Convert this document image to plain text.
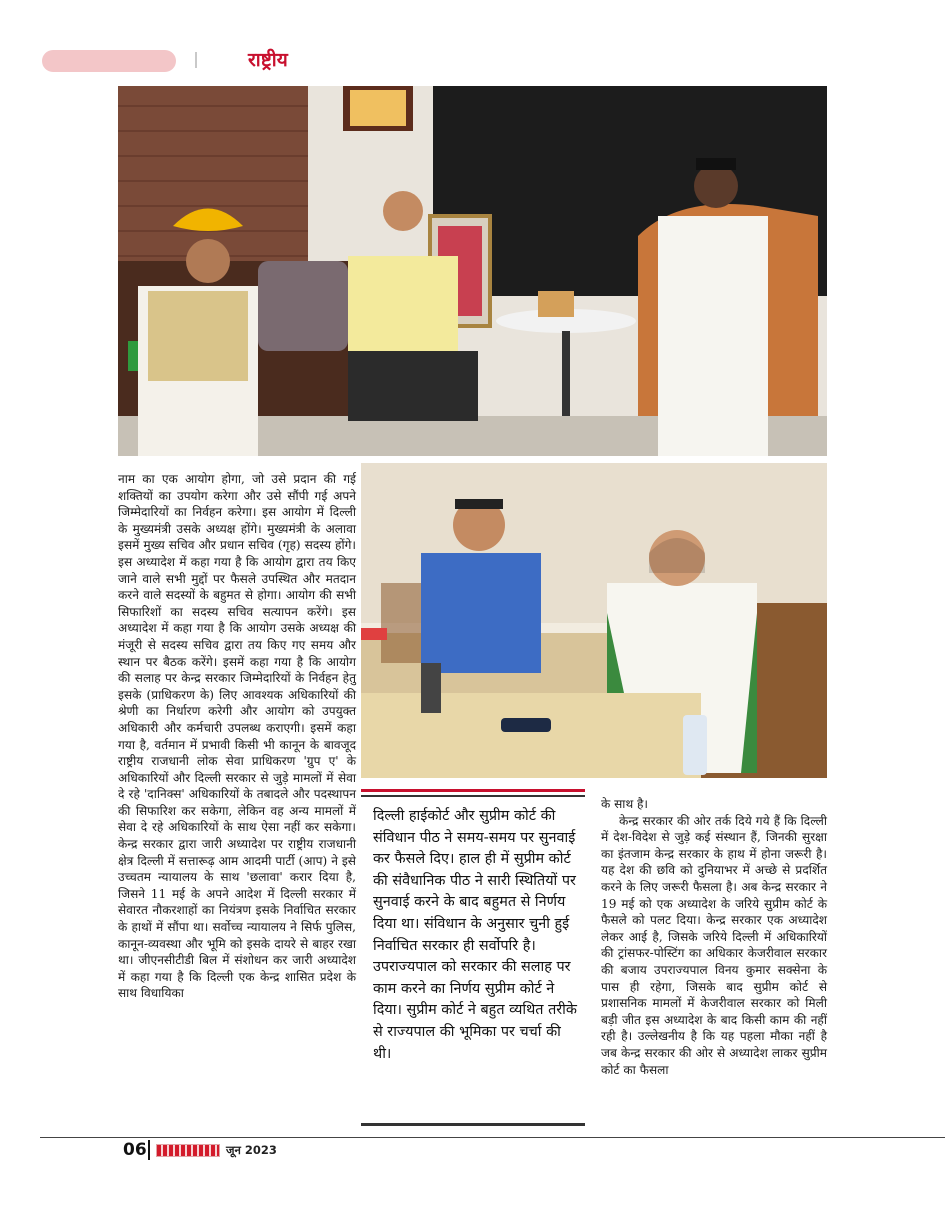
राष्ट्रीय

नाम का एक आयोग होगा, जो उसे प्रदान की गई शक्तियों का उपयोग करेगा और उसे सौंपी गई अपने जिम्मेदारियों का निर्वहन करेगा। इस आयोग में दिल्ली के मुख्यमंत्री उसके अध्यक्ष होंगे। मुख्यमंत्री के अलावा इसमें मुख्य सचिव और प्रधान सचिव (गृह) सदस्य होंगे। इस अध्यादेश में कहा गया है कि आयोग द्वारा तय किए जाने वाले सभी मुद्दों पर फैसले उपस्थित और मतदान करने वाले सदस्यों के बहुमत से होगा। आयोग की सभी सिफारिशों का सदस्य सचिव सत्यापन करेंगे। इस अध्यादेश में कहा गया है कि आयोग उसके अध्यक्ष की मंजूरी से सदस्य सचिव द्वारा तय किए गए समय और स्थान पर बैठक करेंगे। इसमें कहा गया है कि आयोग की सलाह पर केन्द्र सरकार जिम्मेदारियों के निर्वहन हेतु इसके (प्राधिकरण के) लिए आवश्यक अधिकारियों की श्रेणी का निर्धारण करेगी और आयोग को उपयुक्त अधिकारी और कर्मचारी उपलब्ध कराएगी। इसमें कहा गया है, वर्तमान में प्रभावी किसी भी कानून के बावजूद राष्ट्रीय राजधानी लोक सेवा प्राधिकरण 'ग्रुप ए' के अधिकारियों और दिल्ली सरकार से जुड़े मामलों में सेवा दे रहे 'दानिक्स' अधिकारियों के तबादले और पदस्थापन की सिफारिश कर सकेगा, लेकिन वह अन्य मामलों में सेवा दे रहे अधिकारियों के साथ ऐसा नहीं कर सकेगा। केन्द्र सरकार द्वारा जारी अध्यादेश पर राष्ट्रीय राजधानी क्षेत्र दिल्ली में सत्तारूढ़ आम आदमी पार्टी (आप) ने इसे उच्चतम न्यायालय के साथ 'छलावा' करार दिया है, जिसने 11 मई के अपने आदेश में दिल्ली सरकार में सेवारत नौकरशाहों का नियंत्रण इसके निर्वाचित सरकार के हाथों में सौंपा था। सर्वोच्च न्यायालय ने सिर्फ पुलिस, कानून-व्यवस्था और भूमि को इसके दायरे से बाहर रखा था। जीएनसीटीडी बिल में संशोधन कर जारी अध्यादेश में कहा गया है कि दिल्ली एक केन्द्र शासित प्रदेश के साथ विधायिका

दिल्ली हाईकोर्ट और सुप्रीम कोर्ट की संविधान पीठ ने समय-समय पर सुनवाई कर फैसले दिए। हाल ही में सुप्रीम कोर्ट की संवैधानिक पीठ ने सारी स्थितियों पर सुनवाई करने के बाद बहुमत से निर्णय दिया था। संविधान के अनुसार चुनी हुई निर्वाचित सरकार ही सर्वोपरि है। उपराज्यपाल को सरकार की सलाह पर काम करने का निर्णय सुप्रीम कोर्ट ने दिया। सुप्रीम कोर्ट ने बहुत व्यथित तरीके से राज्यपाल की भूमिका पर चर्चा की थी।

के साथ है।

केन्द्र सरकार की ओर तर्क दिये गये हैं कि दिल्ली में देश-विदेश से जुड़े कई संस्थान हैं, जिनकी सुरक्षा का इंतजाम केन्द्र सरकार के हाथ में होना जरूरी है। यह देश की छवि को दुनियाभर में अच्छे से प्रदर्शित करने के लिए जरूरी फैसला है। अब केन्द्र सरकार ने 19 मई को एक अध्यादेश के जरिये सुप्रीम कोर्ट के फैसले को पलट दिया। केन्द्र सरकार एक अध्यादेश लेकर आई है, जिसके जरिये दिल्ली में अधिकारियों की ट्रांसफर-पोस्टिंग का अधिकार केजरीवाल सरकार की बजाय उपराज्यपाल विनय कुमार सक्सेना के पास ही रहेगा, जिसके बाद सुप्रीम कोर्ट से प्रशासनिक मामलों में केजरीवाल सरकार को मिली बड़ी जीत इस अध्यादेश के बाद किसी काम की नहीं रही है। उल्लेखनीय है कि यह पहला मौका नहीं है जब केन्द्र सरकार की ओर से अध्यादेश लाकर सुप्रीम कोर्ट का फैसला

06	जून 2023
